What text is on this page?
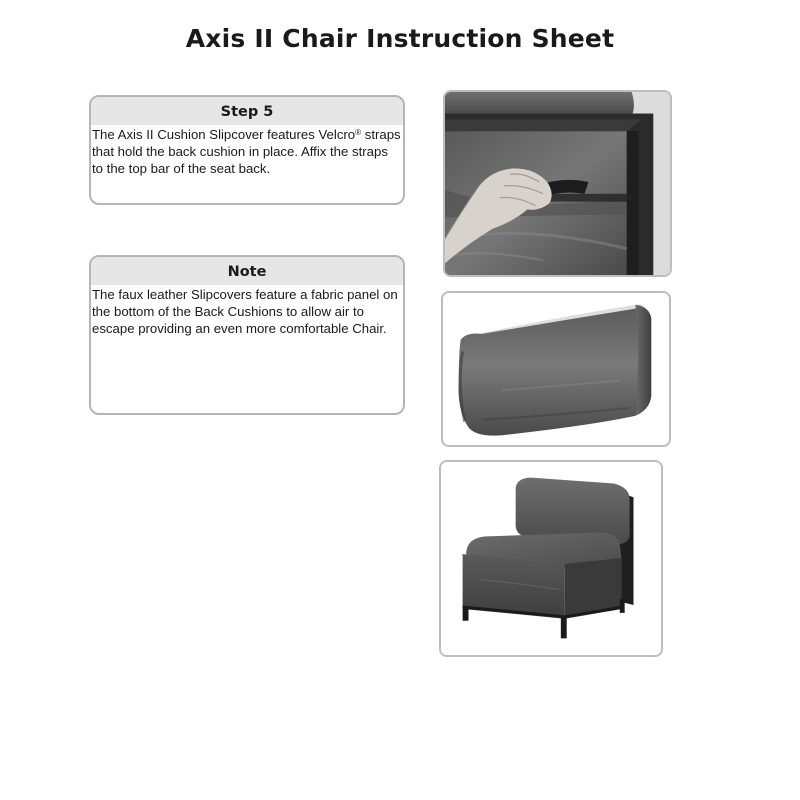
Axis II Chair Instruction Sheet
Step 5
The Axis II Cushion Slipcover features Velcro® straps that hold the back cushion in place. Affix the straps to the top bar of the seat back.
Note
The faux leather Slipcovers feature a fabric panel on the bottom of the Back Cushions to allow air to escape providing an even more comfortable Chair.
